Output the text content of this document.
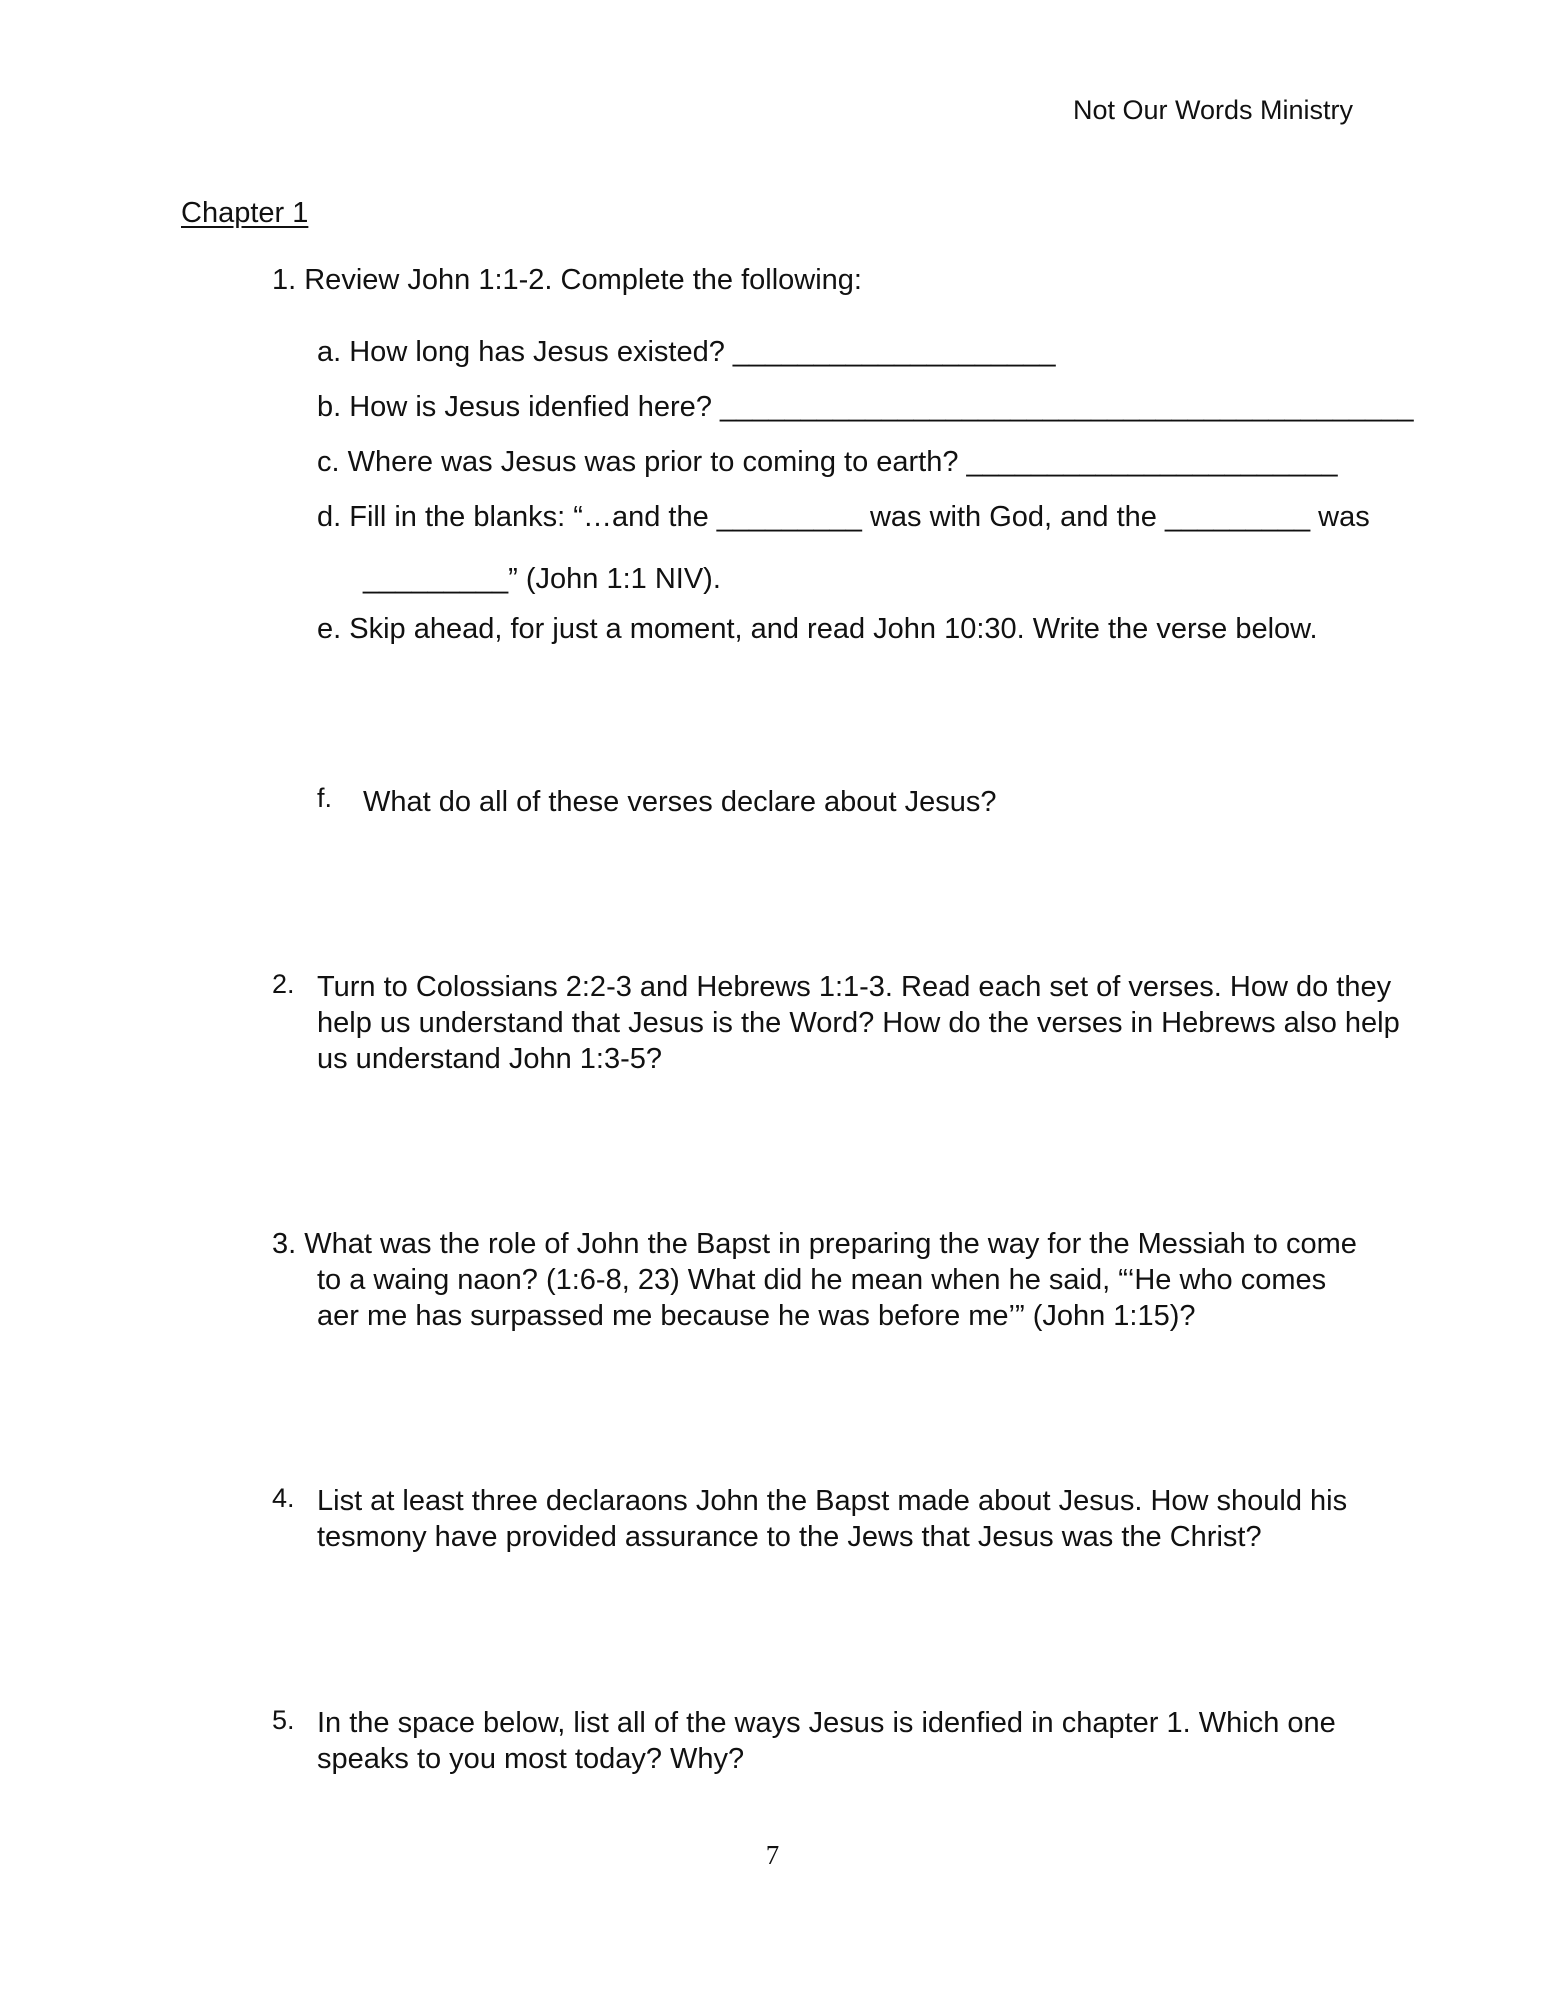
Not Our Words Ministry
Chapter 1
1. Review John 1:1-2. Complete the following:
a. How long has Jesus existed? ____________________
b. How is Jesus idenfied here? ___________________________________________
c. Where was Jesus was prior to coming to earth? _______________________
d. Fill in the blanks: “…and the _________ was with God, and the _________ was
_________” (John 1:1 NIV).
e. Skip ahead, for just a moment, and read John 10:30. Write the verse below.
f. What do all of these verses declare about Jesus?
2. Turn to Colossians 2:2-3 and Hebrews 1:1-3. Read each set of verses. How do they
help us understand that Jesus is the Word? How do the verses in Hebrews also help
us understand John 1:3-5?
3. What was the role of John the Bapst in preparing the way for the Messiah to come
to a waing naon? (1:6-8, 23) What did he mean when he said, “‘He who comes
aer me has surpassed me because he was before me’” (John 1:15)?
4. List at least three declaraons John the Bapst made about Jesus. How should his
tesmony have provided assurance to the Jews that Jesus was the Christ?
5. In the space below, list all of the ways Jesus is idenfied in chapter 1. Which one
speaks to you most today? Why?
7
